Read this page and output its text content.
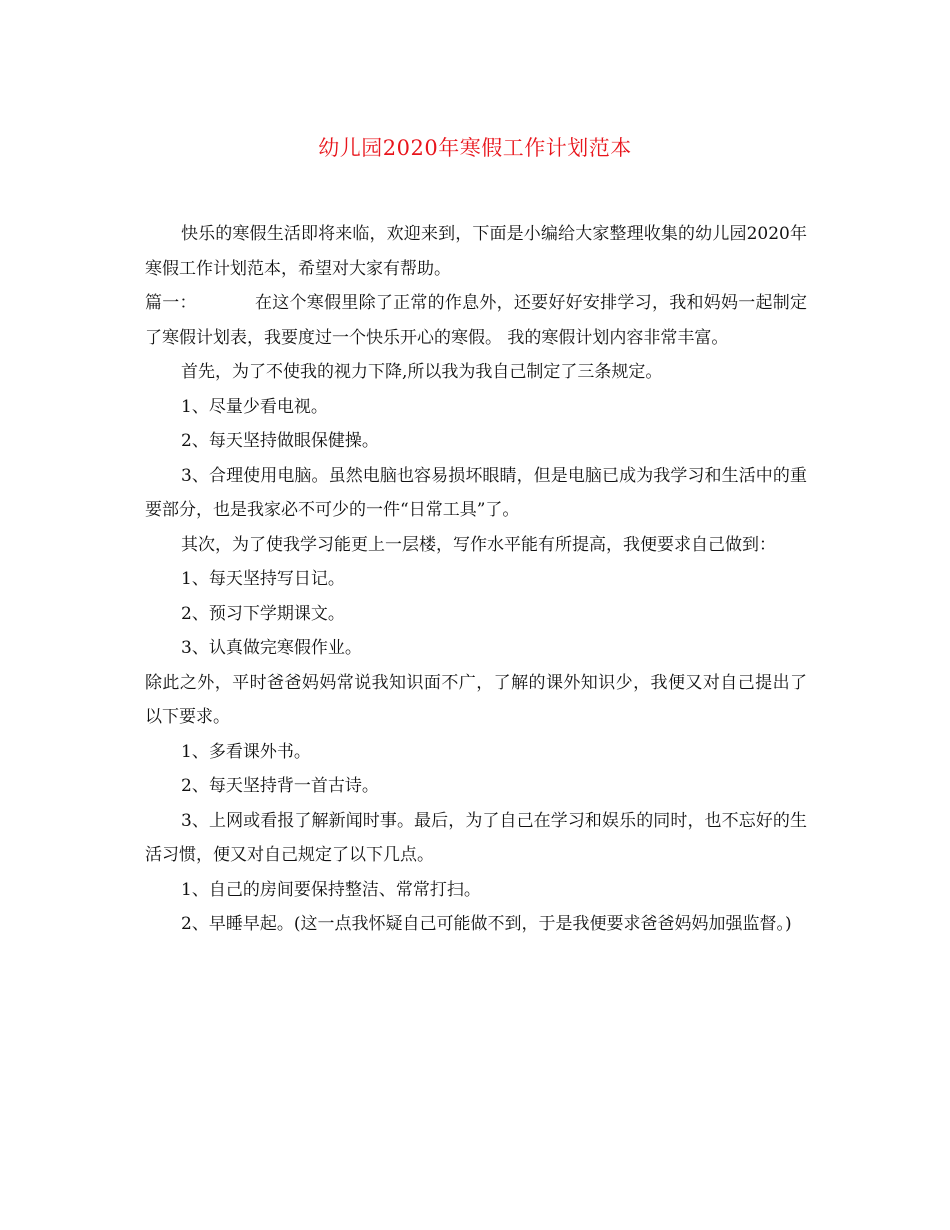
幼儿园2020年寒假工作计划范本

快乐的寒假生活即将来临，欢迎来到，下面是小编给大家整理收集的幼儿园2020年寒假工作计划范本，希望对大家有帮助。

篇一：	在这个寒假里除了正常的作息外，还要好好安排学习，我和妈妈一起制定了寒假计划表，我要度过一个快乐开心的寒假。 我的寒假计划内容非常丰富。

首先，为了不使我的视力下降,所以我为我自己制定了三条规定。

1、尽量少看电视。

2、每天坚持做眼保健操。

3、合理使用电脑。虽然电脑也容易损坏眼睛，但是电脑已成为我学习和生活中的重要部分，也是我家必不可少的一件“日常工具”了。

其次，为了使我学习能更上一层楼，写作水平能有所提高，我便要求自己做到：

1、每天坚持写日记。

2、预习下学期课文。

3、认真做完寒假作业。

除此之外，平时爸爸妈妈常说我知识面不广，了解的课外知识少，我便又对自己提出了以下要求。

1、多看课外书。

2、每天坚持背一首古诗。

3、上网或看报了解新闻时事。最后，为了自己在学习和娱乐的同时，也不忘好的生活习惯，便又对自己规定了以下几点。

1、自己的房间要保持整洁、常常打扫。

2、早睡早起。(这一点我怀疑自己可能做不到，于是我便要求爸爸妈妈加强监督。)
